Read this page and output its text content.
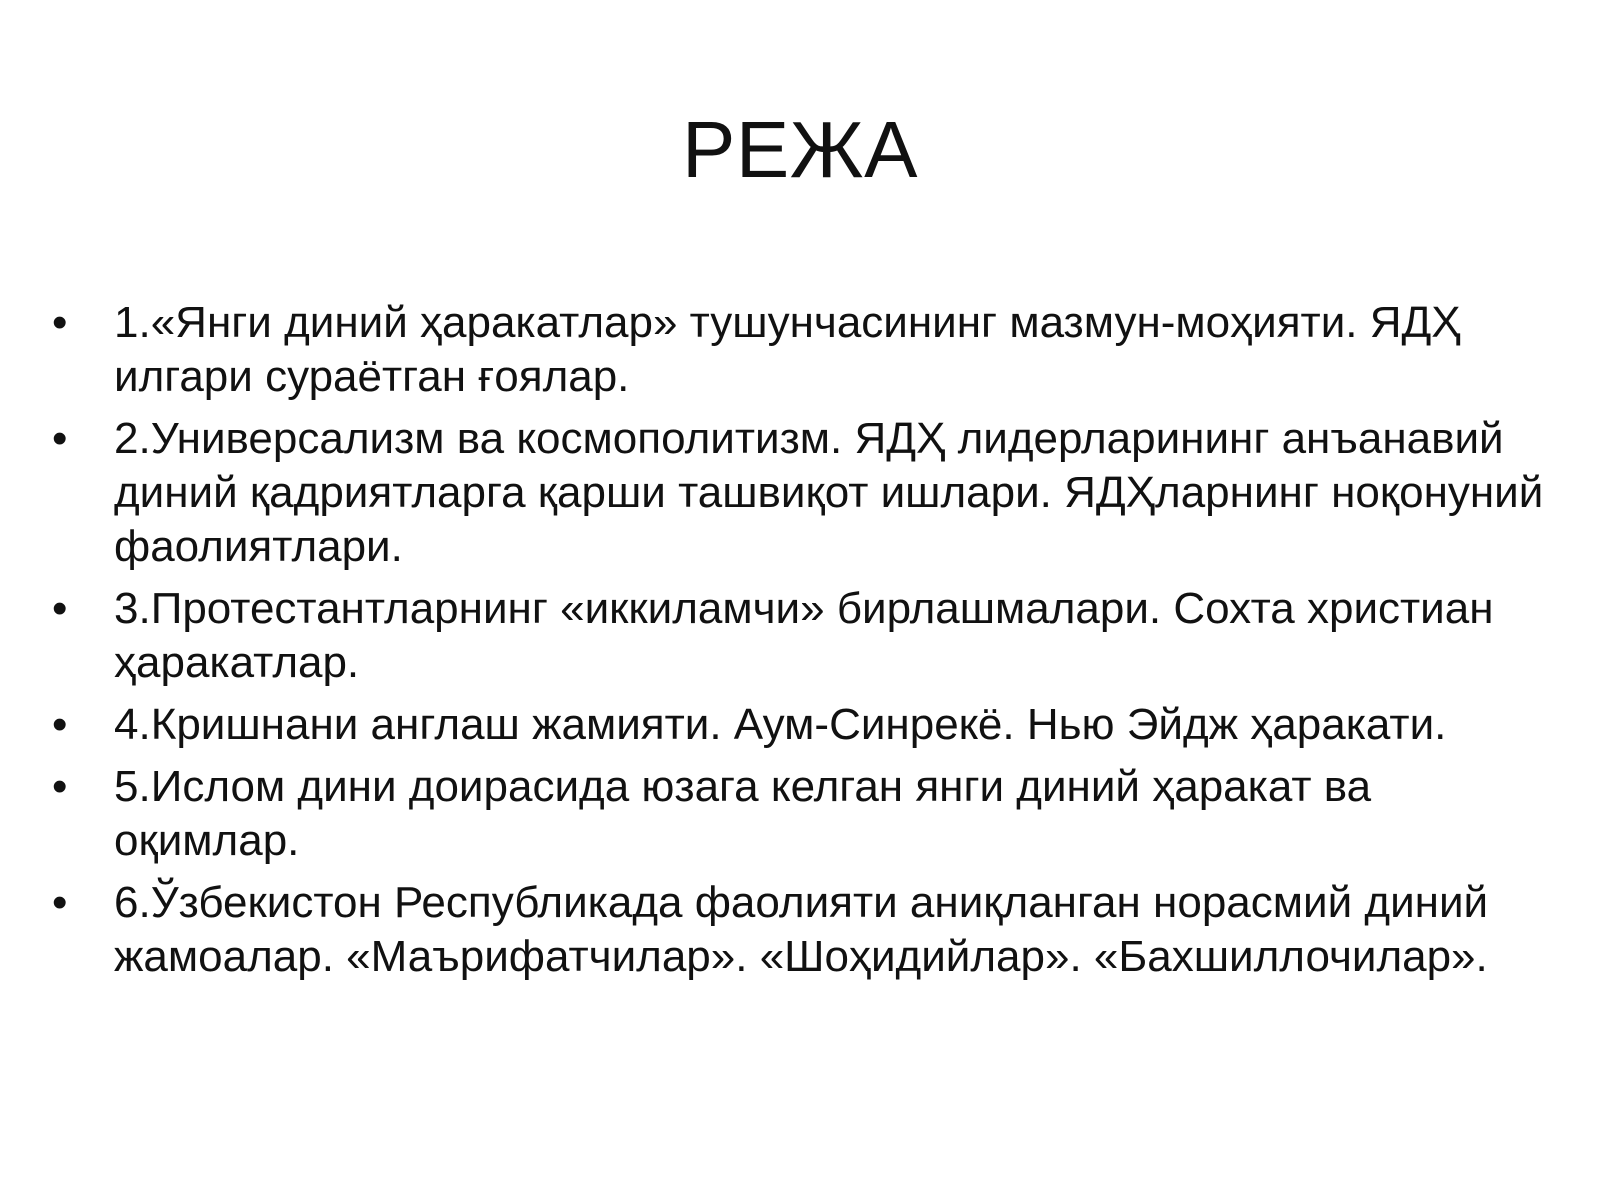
РЕЖА
•	1.«Янги диний ҳаракатлар» тушунчасининг мазмун-моҳияти. ЯДҲ илгари сураётган ғоялар.
•	2.Универсализм ва космополитизм. ЯДҲ лидерларининг анъанавий диний қадриятларга қарши ташвиқот ишлари. ЯДҲларнинг ноқонуний фаолиятлари.
•	3.Протестантларнинг «иккиламчи» бирлашмалари. Сохта христиан ҳаракатлар.
•	4.Кришнани англаш жамияти. Аум-Синрекё. Нью Эйдж ҳаракати.
•	5.Ислом дини доирасида юзага келган янги диний ҳаракат ва оқимлар.
•	6.Ўзбекистон Республикада фаолияти аниқланган норасмий диний жамоалар. «Маърифатчилар». «Шоҳидийлар». «Бахшиллочилар».
